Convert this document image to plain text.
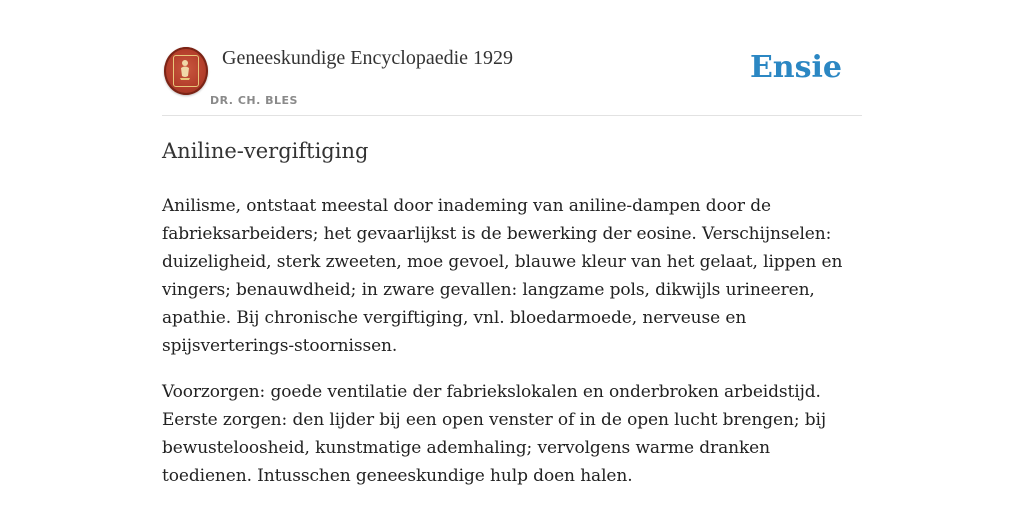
Geneeskundige Encyclopaedie 1929
DR. CH. BLES
Ensie
Aniline-vergiftiging

Anilisme, ontstaat meestal door inademing van aniline-dampen door de fabrieksarbeiders; het gevaarlijkst is de bewerking der eosine. Verschijnselen: duizeligheid, sterk zweeten, moe gevoel, blauwe kleur van het gelaat, lippen en vingers; benauwdheid; in zware gevallen: langzame pols, dikwijls urineeren, apathie. Bij chronische vergiftiging, vnl. bloedarmoede, nerveuse en spijsverterings-stoornissen.

Voorzorgen: goede ventilatie der fabriekslokalen en onderbroken arbeidstijd. Eerste zorgen: den lijder bij een open venster of in de open lucht brengen; bij bewusteloosheid, kunstmatige ademhaling; vervolgens warme dranken toedienen. Intusschen geneeskundige hulp doen halen.
